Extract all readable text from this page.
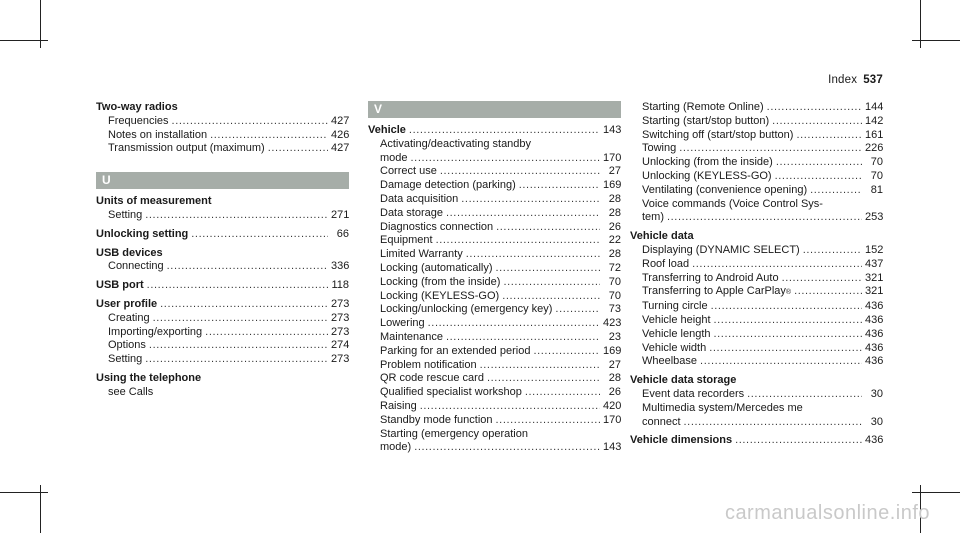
Index 537
Two-way radios
Frequencies .....	427
Notes on installation .....	426
Transmission output (maximum) .....	427
U
Units of measurement
Setting .....	271
Unlocking setting .....	66
USB devices
Connecting .....	336
USB port .....	118
User profile .....	273
Creating .....	273
Importing/exporting .....	273
Options .....	274
Setting .....	273
Using the telephone
see Calls
V
Vehicle .....	143
Activating/deactivating standby
mode .....	170
Correct use .....	27
Damage detection (parking) .....	169
Data acquisition .....	28
Data storage .....	28
Diagnostics connection .....	26
Equipment .....	22
Limited Warranty .....	28
Locking (automatically) .....	72
Locking (from the inside) .....	70
Locking (KEYLESS-GO) .....	70
Locking/unlocking (emergency key) .....	73
Lowering .....	423
Maintenance .....	23
Parking for an extended period .....	169
Problem notification .....	27
QR code rescue card .....	28
Qualified specialist workshop .....	26
Raising .....	420
Standby mode function .....	170
Starting (emergency operation
mode) .....	143
Starting (Remote Online) .....	144
Starting (start/stop button) .....	142
Switching off (start/stop button) .....	161
Towing .....	226
Unlocking (from the inside) .....	70
Unlocking (KEYLESS-GO) .....	70
Ventilating (convenience opening) .....	81
Voice commands (Voice Control Sys-
tem) .....	253
Vehicle data
Displaying (DYNAMIC SELECT) .....	152
Roof load .....	437
Transferring to Android Auto .....	321
Transferring to Apple CarPlay ® .....	321
Turning circle .....	436
Vehicle height .....	436
Vehicle length .....	436
Vehicle width .....	436
Wheelbase .....	436
Vehicle data storage
Event data recorders .....	30
Multimedia system/Mercedes me
connect .....	30
Vehicle dimensions .....	436
carmanualsonline.info
